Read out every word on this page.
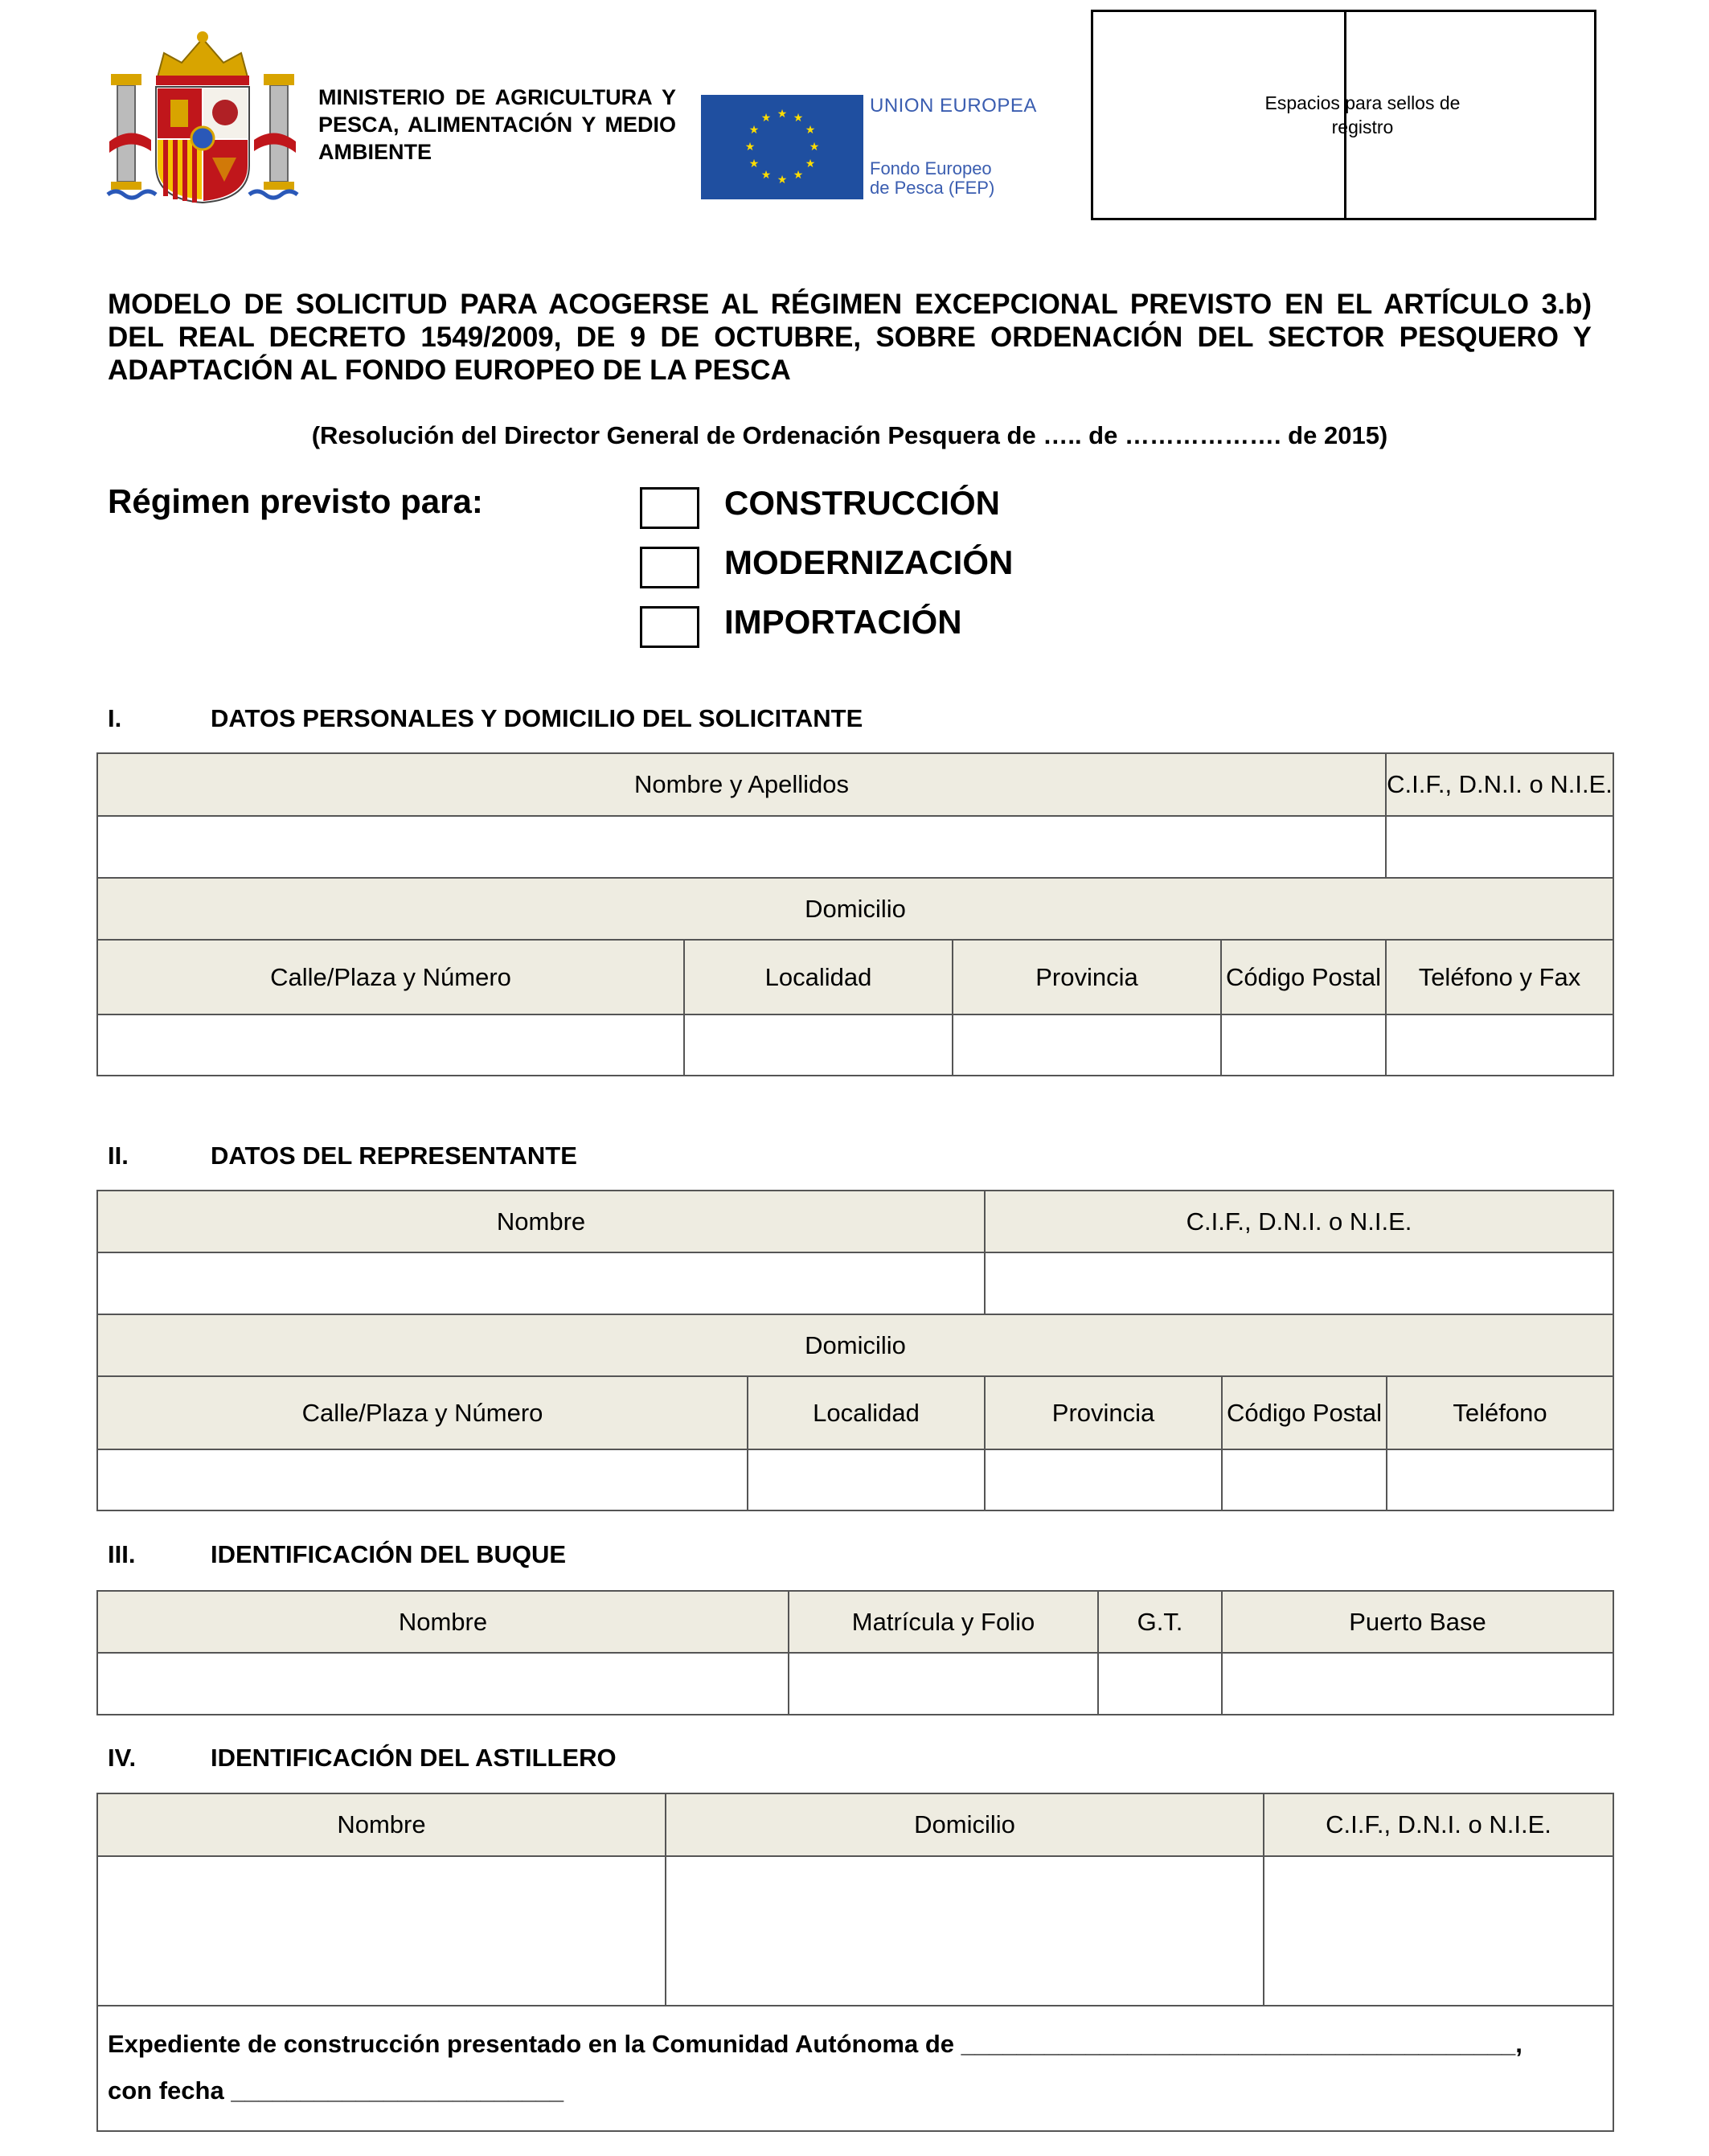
MINISTERIO DE AGRICULTURA Y PESCA, ALIMENTACIÓN Y MEDIO AMBIENTE
★ ★
★
★
★
★
★
★
★
★
★
★
UNION EUROPEA
Fondo Europeo
de Pesca (FEP)
Espacios para sellos de registro
MODELO DE SOLICITUD PARA ACOGERSE AL RÉGIMEN EXCEPCIONAL PREVISTO EN EL ARTÍCULO 3.b) DEL REAL DECRETO 1549/2009, DE 9 DE OCTUBRE, SOBRE ORDENACIÓN DEL SECTOR PESQUERO Y ADAPTACIÓN AL FONDO EUROPEO DE LA PESCA
(Resolución del Director General de Ordenación Pesquera de ….. de ………………. de 2015)
Régimen previsto para:	CONSTRUCCIÓN
MODERNIZACIÓN
IMPORTACIÓN
I.	DATOS PERSONALES Y DOMICILIO DEL SOLICITANTE
Nombre y Apellidos				C.I.F., D.N.I. o N.I.E.

Domicilio				
Calle/Plaza y Número	Localidad	Provincia	Código Postal	Teléfono y Fax

II.	DATOS DEL REPRESENTANTE
Nombre		C.I.F., D.N.I. o N.I.E.		

Domicilio				
Calle/Plaza y Número	Localidad	Provincia	Código Postal	Teléfono

III.	IDENTIFICACIÓN DEL BUQUE
Nombre	Matrícula y Folio	G.T.	Puerto Base

IV.	IDENTIFICACIÓN DEL ASTILLERO
Nombre	Domicilio	C.I.F., D.N.I. o N.I.E.

Expediente de construcción presentado en la Comunidad Autónoma de ________________________________________,
con fecha ________________________		
